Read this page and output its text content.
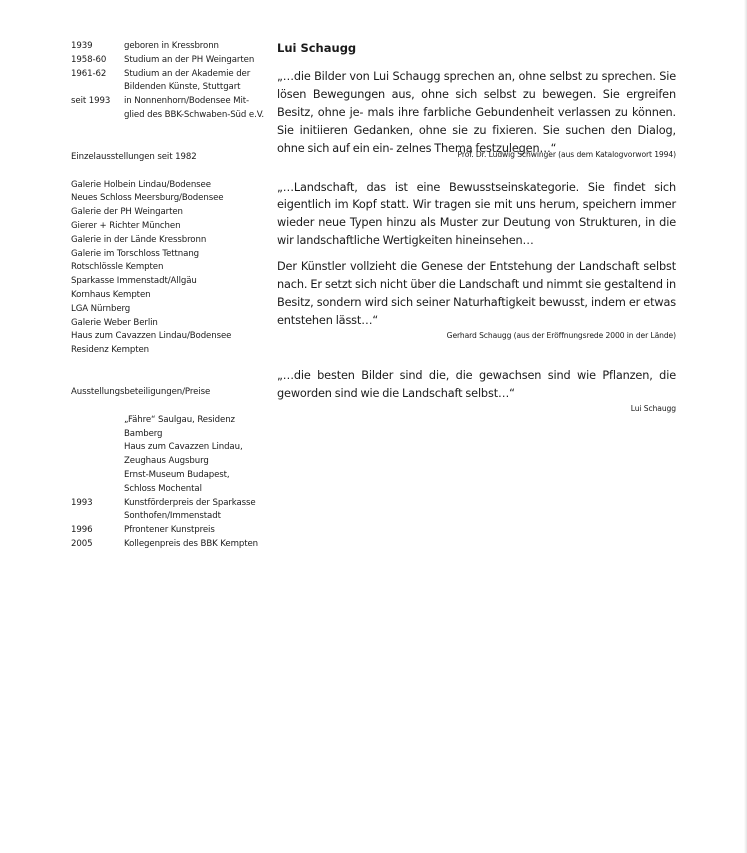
1939	geboren in Kressbronn
1958-60	Studium an der PH Weingarten
1961-62	Studium an der Akademie der
Bildenden Künste, Stuttgart
seit 1993	in Nonnenhorn/Bodensee Mit-
glied des BBK-Schwaben-Süd e.V.
Einzelausstellungen seit 1982
Galerie Holbein Lindau/Bodensee
Neues Schloss Meersburg/Bodensee
Galerie der PH Weingarten
Gierer + Richter München
Galerie in der Lände Kressbronn
Galerie im Torschloss Tettnang
Rotschlössle Kempten
Sparkasse Immenstadt/Allgäu
Kornhaus Kempten
LGA Nürnberg
Galerie Weber Berlin
Haus zum Cavazzen Lindau/Bodensee
Residenz Kempten
Ausstellungsbeteiligungen/Preise
„Fähre“ Saulgau, Residenz
Bamberg
Haus zum Cavazzen Lindau,
Zeughaus Augsburg
Ernst-Museum Budapest,
Schloss Mochental
1993	Kunstförderpreis der Sparkasse
Sonthofen/Immenstadt
1996	Pfrontener Kunstpreis
2005	Kollegenpreis des BBK Kempten
Lui Schaugg

„…die Bilder von Lui Schaugg sprechen an, ohne selbst zu sprechen. Sie lösen Bewegungen aus, ohne sich selbst zu bewegen. Sie ergreifen Besitz, ohne je- mals ihre farbliche Gebundenheit verlassen zu können. Sie initiieren Gedanken, ohne sie zu fixieren. Sie suchen den Dialog, ohne sich auf ein ein- zelnes Thema festzulegen…“

Prof. Dr. Ludwig Schwinger (aus dem Katalogvorwort 1994)

„…Landschaft, das ist eine Bewusstseinskategorie. Sie findet sich eigentlich im Kopf statt. Wir tragen sie mit uns herum, speichern immer wieder neue Typen hinzu als Muster zur Deutung von Strukturen, in die wir landschaftliche Wertigkeiten hineinsehen…

Der Künstler vollzieht die Genese der Entstehung der Landschaft selbst nach. Er setzt sich nicht über die Landschaft und nimmt sie gestaltend in Besitz, sondern wird sich seiner Naturhaftigkeit bewusst, indem er etwas entstehen lässt…“

Gerhard Schaugg (aus der Eröffnungsrede 2000 in der Lände)

„…die besten Bilder sind die, die gewachsen sind wie Pflanzen, die geworden sind wie die Landschaft selbst…“

Lui Schaugg
